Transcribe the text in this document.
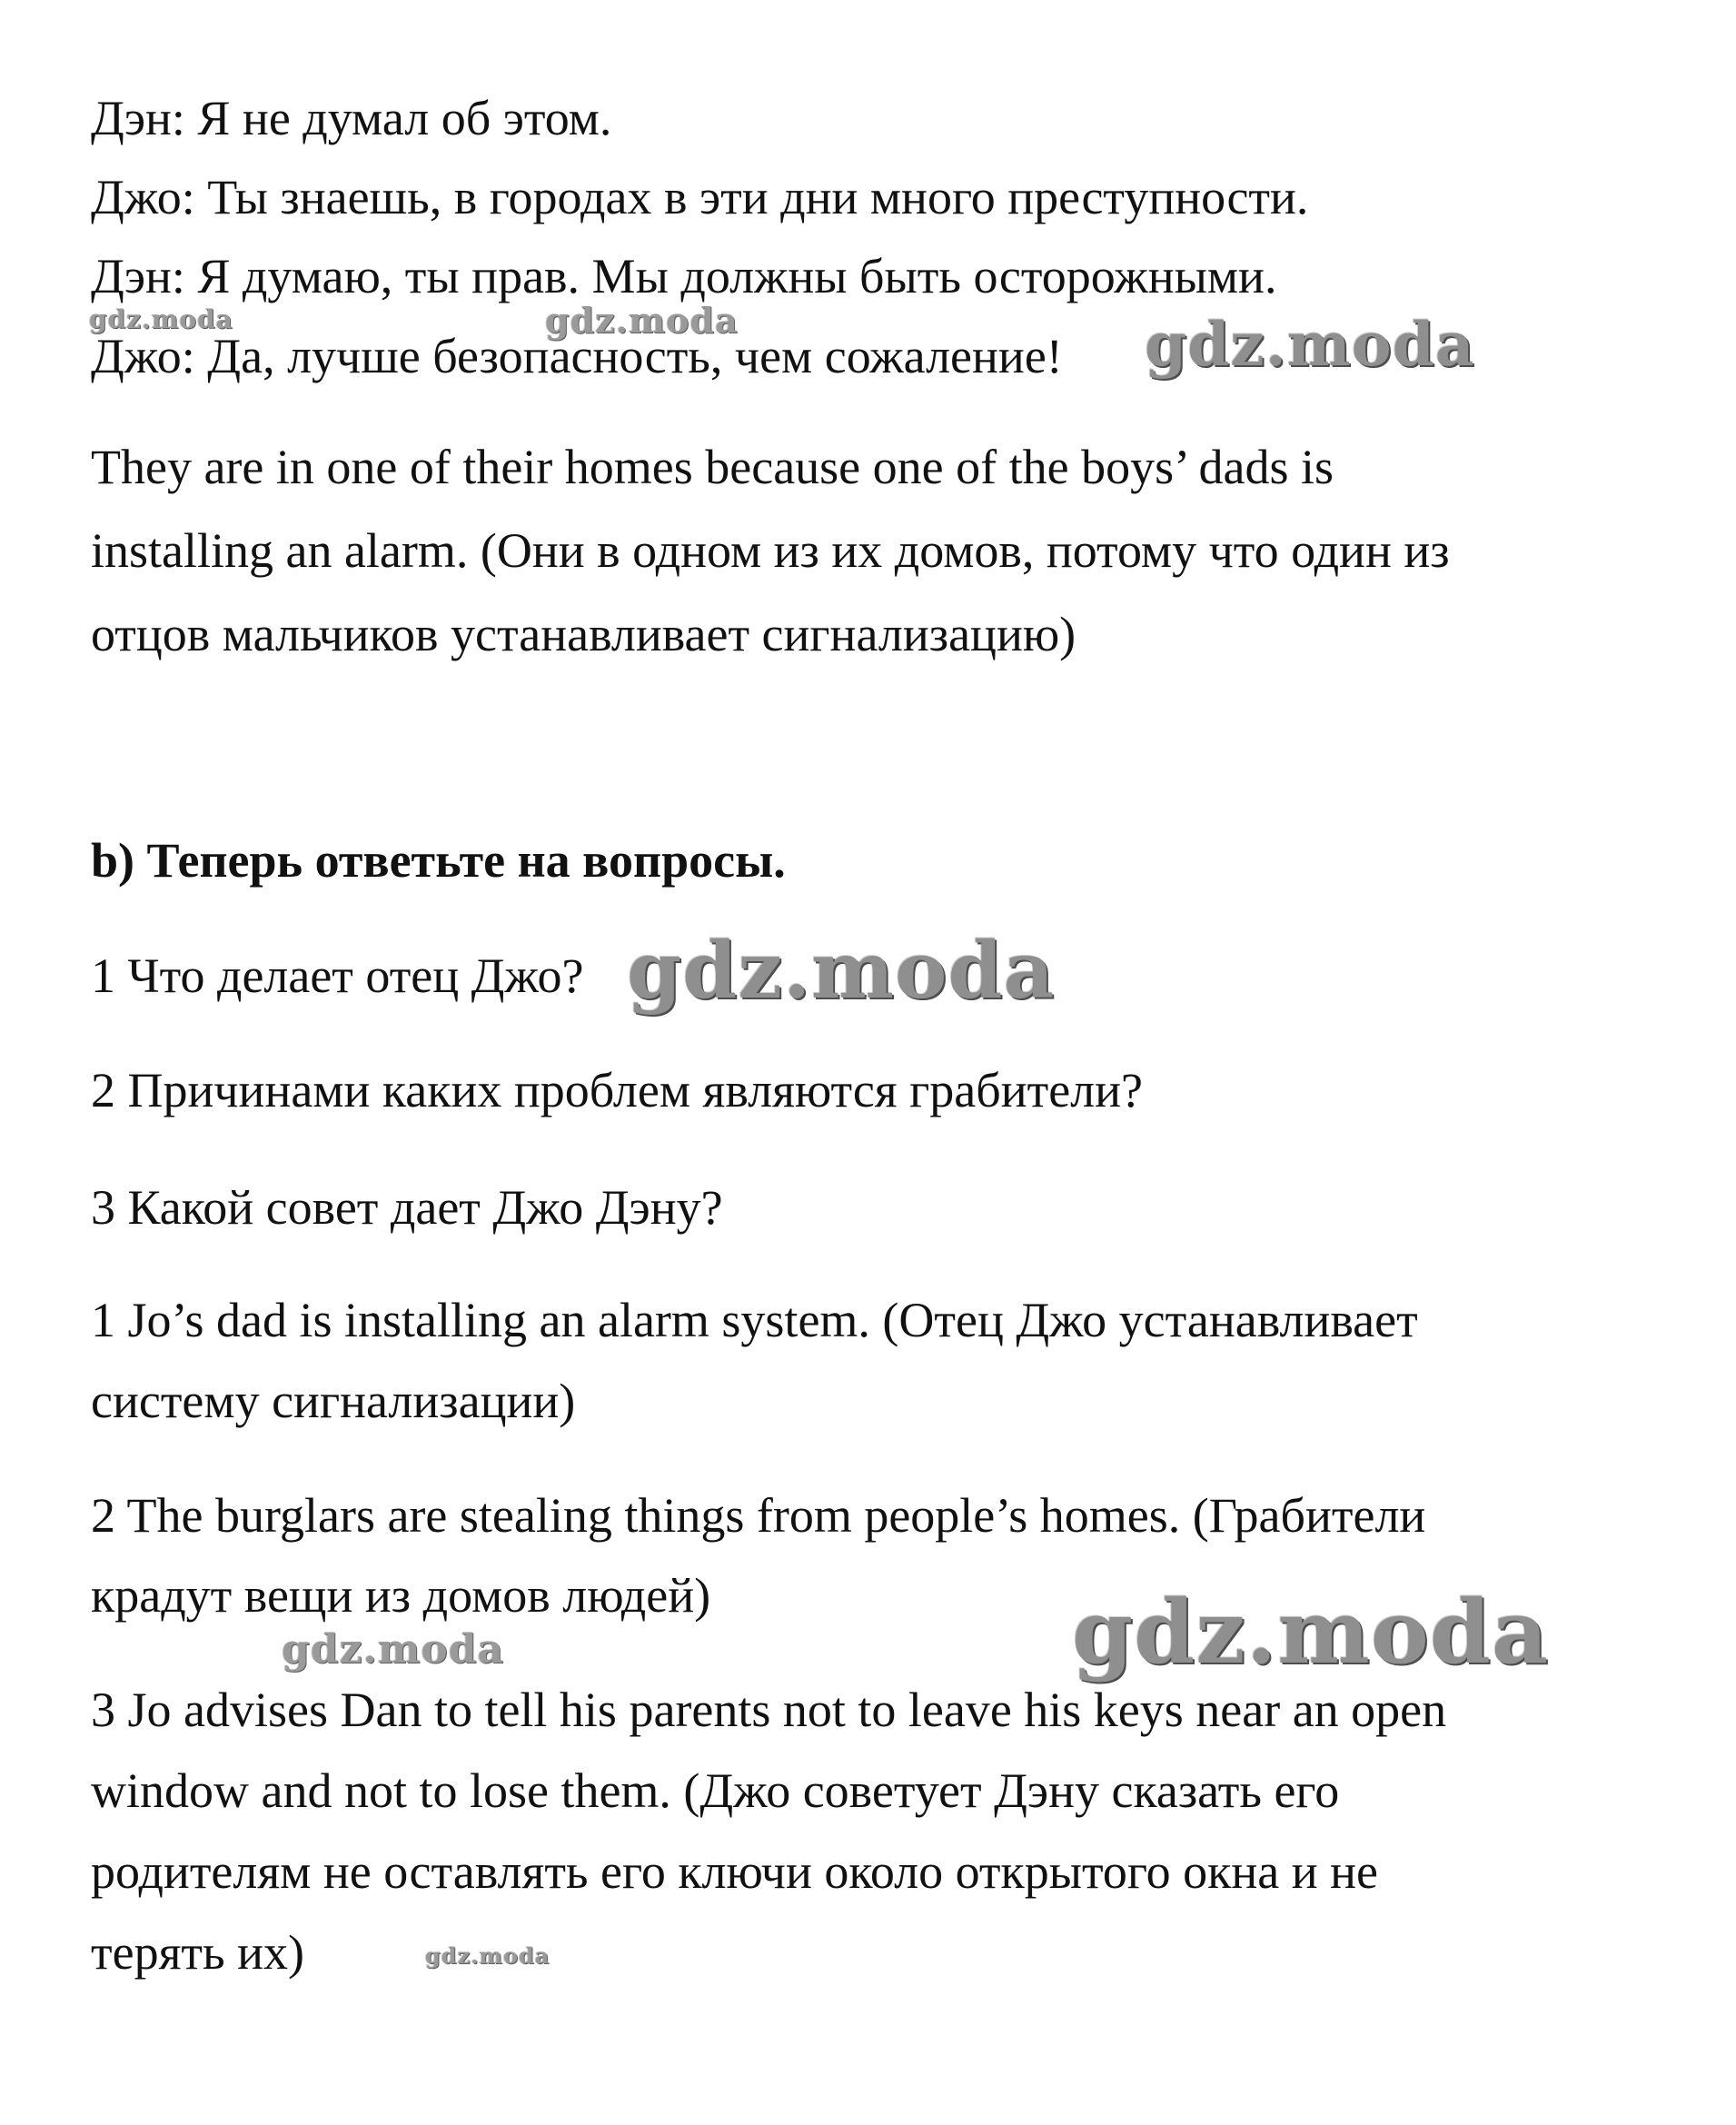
Дэн: Я не думал об этом.
Джо: Ты знаешь, в городах в эти дни много преступности.
Дэн: Я думаю, ты прав. Мы должны быть осторожными.
Джо: Да, лучше безопасность, чем сожаление!
They are in one of their homes because one of the boys’ dads is
installing an alarm. (Они в одном из их домов, потому что один из
отцов мальчиков устанавливает сигнализацию)
b) Теперь ответьте на вопросы.
1 Что делает отец Джо?
2 Причинами каких проблем являются грабители?
3 Какой совет дает Джо Дэну?
1 Jo’s dad is installing an alarm system. (Отец Джо устанавливает
систему сигнализации)
2 The burglars are stealing things from people’s homes. (Грабители
крадут вещи из домов людей)
3 Jo advises Dan to tell his parents not to leave his keys near an open
window and not to lose them. (Джо советует Дэну сказать его
родителям не оставлять его ключи около открытого окна и не
терять их)
gdz.moda	gdz.moda	gdz.moda
gdz.moda
gdz.moda	gdz.moda
gdz.moda
